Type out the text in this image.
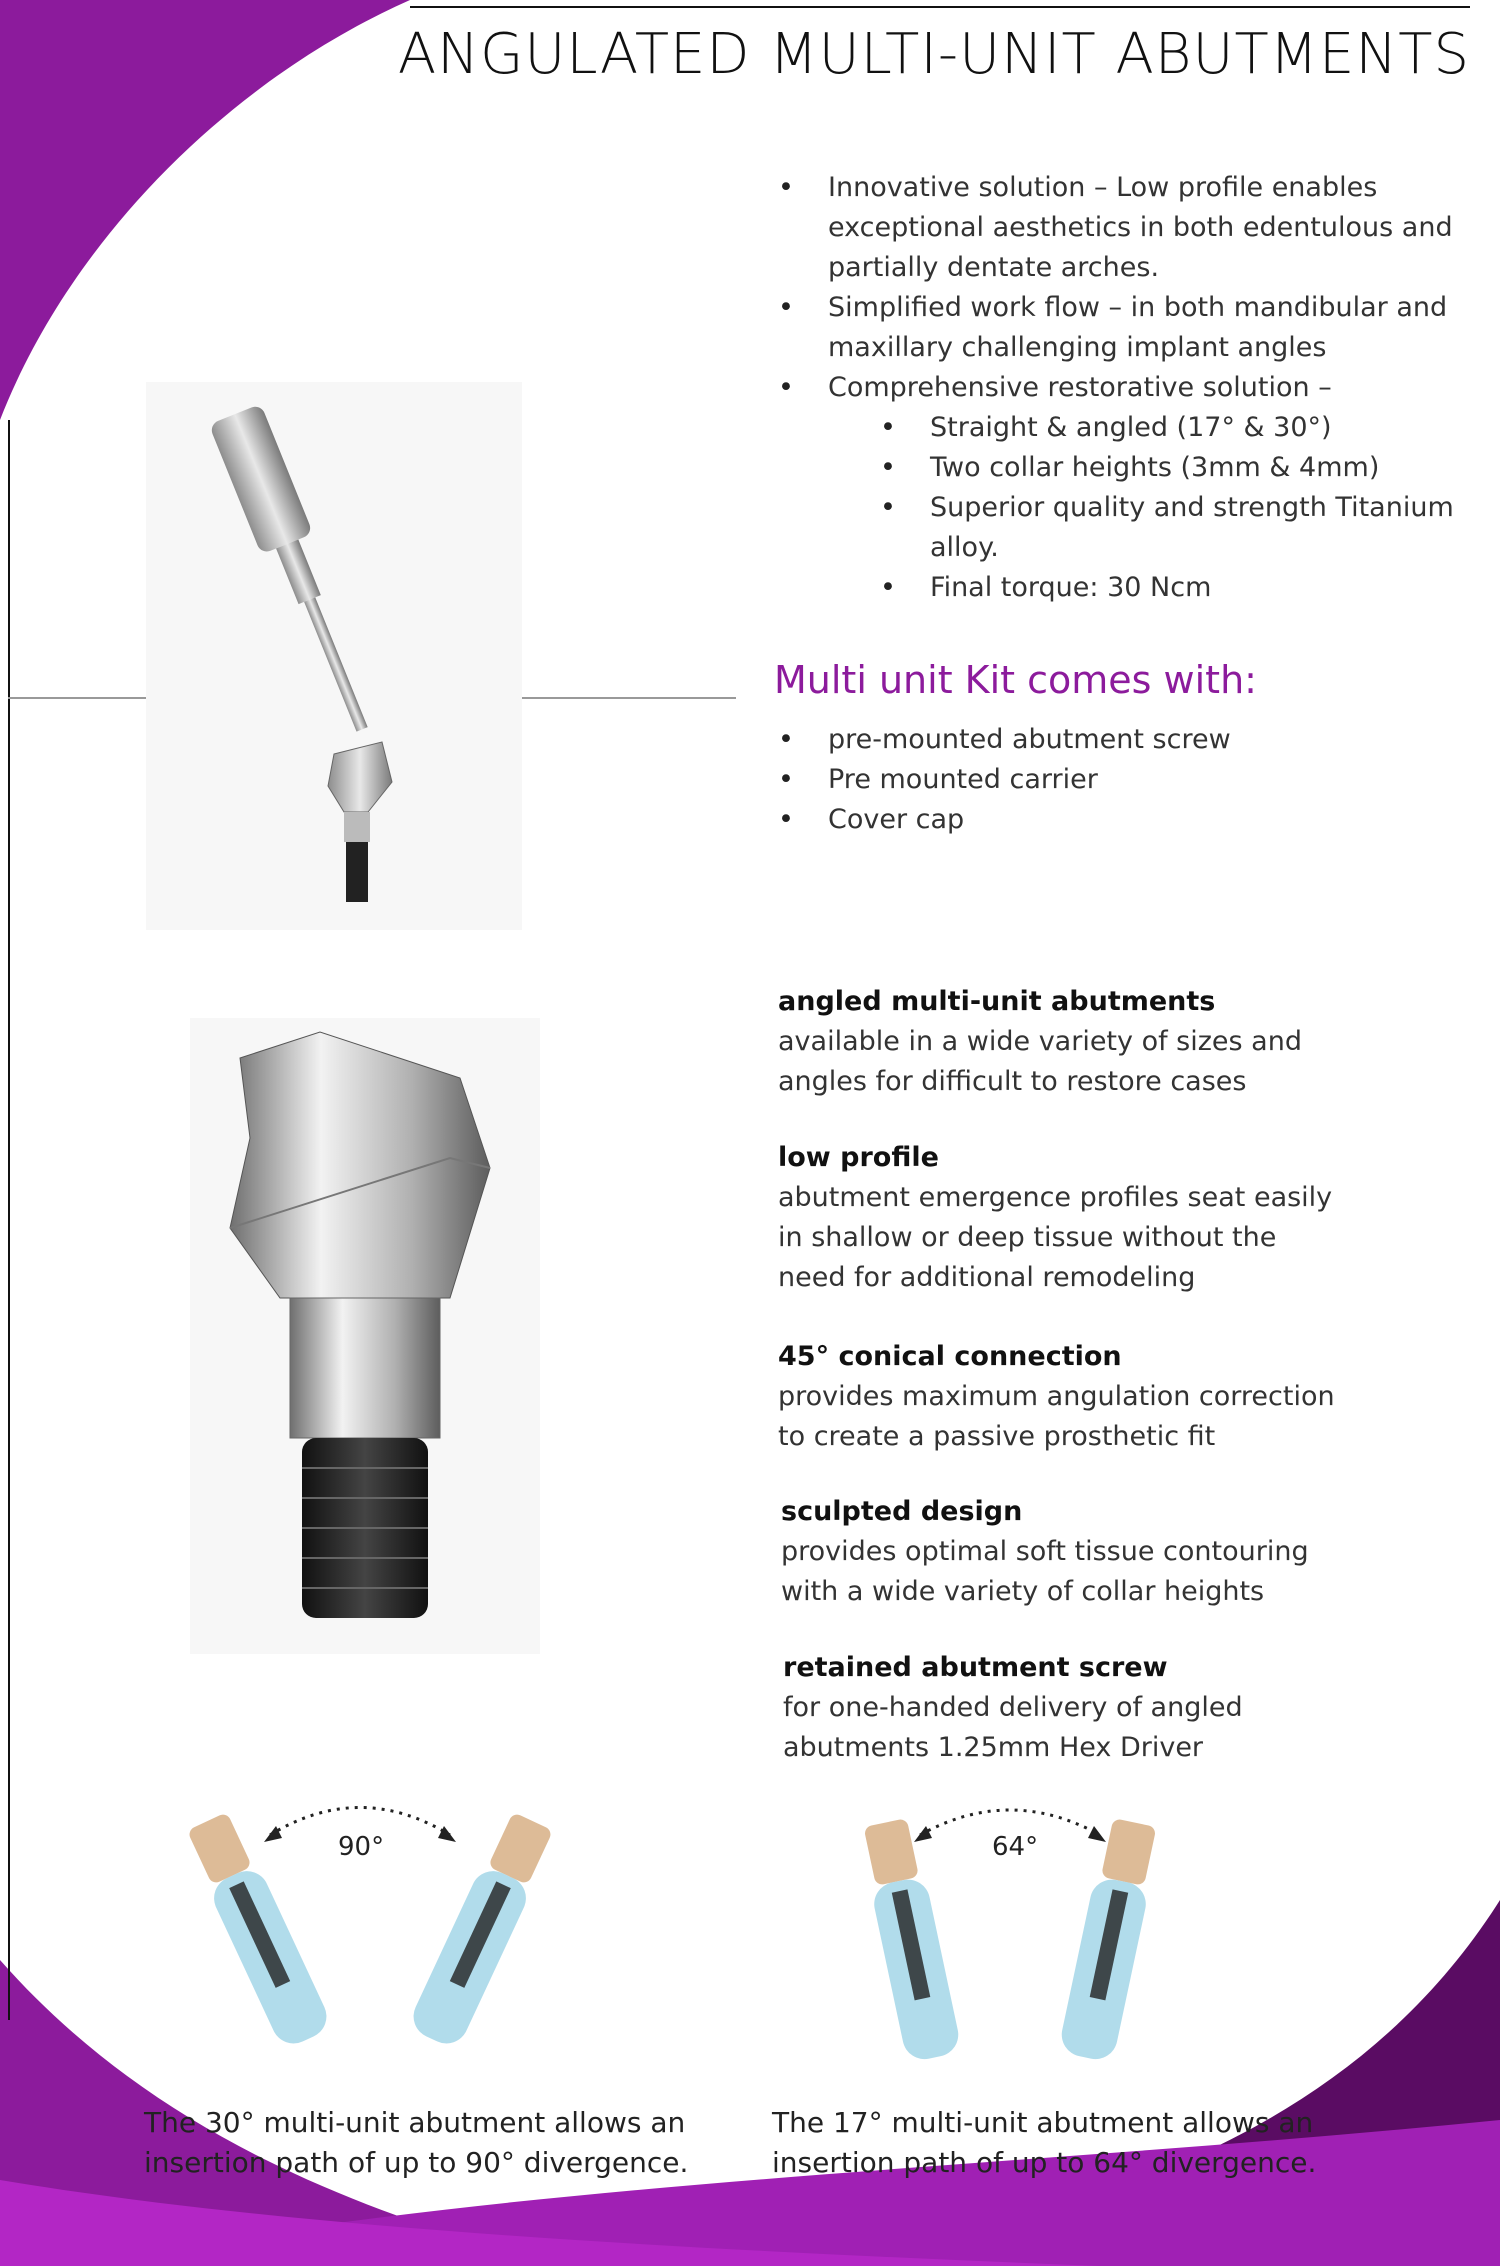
ANGULATED MULTI-UNIT ABUTMENTS
• Innovative solution – Low profile enables exceptional aesthetics in both edentulous and partially dentate arches.
• Simplified work flow – in both mandibular and maxillary challenging implant angles
• Comprehensive restorative solution –
• Straight & angled (17° & 30°)
• Two collar heights (3mm & 4mm)
• Superior quality and strength Titanium alloy.
• Final torque: 30 Ncm
Multi unit Kit comes with:
• pre-mounted abutment screw
• Pre mounted carrier
• Cover cap
angled multi-unit abutments

available in a wide variety of sizes and angles for difficult to restore cases

low profile

abutment emergence profiles seat easily in shallow or deep tissue without the need for additional remodeling

45° conical connection

provides maximum angulation correction to create a passive prosthetic fit

sculpted design

provides optimal soft tissue contouring with a wide variety of collar heights

retained abutment screw

for one-handed delivery of angled abutments 1.25mm Hex Driver

90°
The 30° multi-unit abutment allows an insertion path of up to 90° divergence.
64°
The 17° multi-unit abutment allows an insertion path of up to 64° divergence.
